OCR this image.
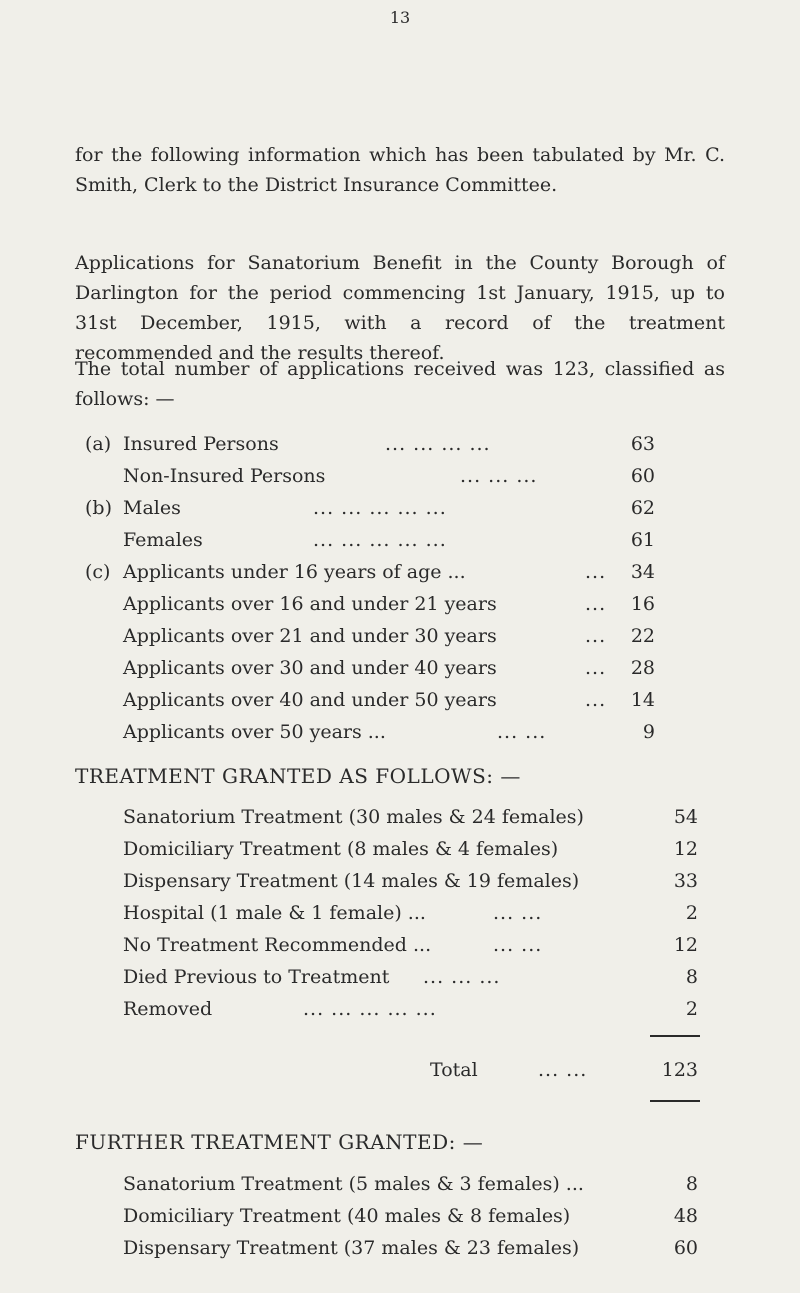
13

for the following information which has been tabulated by Mr. C. Smith, Clerk to the District Insurance Committee.

Applications for Sanatorium Benefit in the County Borough of Darlington for the period commencing 1st January, 1915, up to 31st December, 1915, with a record of the treatment recommended and the results thereof.

The total number of applications received was 123, classified as follows: —

(a) Insured Persons	... ... ... ...	63
Non-Insured Persons	... ... ...	60
(b) Males	... ... ... ... ...	62
Females	... ... ... ... ...	61
(c) Applicants under 16 years of age ...	... 34
Applicants over 16 and under 21 years	... 16
Applicants over 21 and under 30 years	... 22
Applicants over 30 and under 40 years	... 28
Applicants over 40 and under 50 years	... 14
Applicants over 50 years ...	... ...	9
TREATMENT GRANTED AS FOLLOWS: —
Sanatorium Treatment (30 males & 24 females)	54
Domiciliary Treatment (8 males & 4 females)	12
Dispensary Treatment (14 males & 19 females)	33
Hospital (1 male & 1 female) ...	... ...	2
No Treatment Recommended ...	... ...	12
Died Previous to Treatment ... ... ...	8
Removed	... ... ... ... ...	2
Total	... ...	123
FURTHER TREATMENT GRANTED: —
Sanatorium Treatment (5 males & 3 females) ...	8
Domiciliary Treatment (40 males & 8 females)	48
Dispensary Treatment (37 males & 23 females)	60
